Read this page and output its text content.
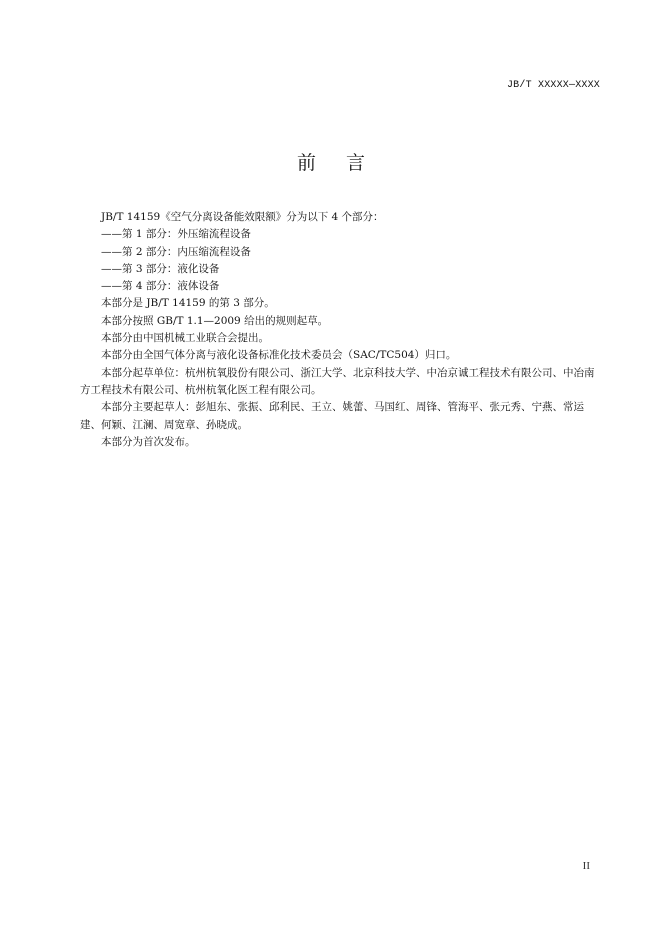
JB/T XXXXX—XXXX
前言

JB/T 14159《空气分离设备能效限额》分为以下 4 个部分：

——第 1 部分：外压缩流程设备

——第 2 部分：内压缩流程设备

——第 3 部分：液化设备

——第 4 部分：液体设备

本部分是 JB/T 14159 的第 3 部分。

本部分按照 GB/T 1.1—2009 给出的规则起草。

本部分由中国机械工业联合会提出。

本部分由全国气体分离与液化设备标准化技术委员会（SAC/TC504）归口。

本部分起草单位：杭州杭氧股份有限公司、浙江大学、北京科技大学、中冶京诚工程技术有限公司、中冶南方工程技术有限公司、杭州杭氧化医工程有限公司。

本部分主要起草人：彭旭东、张振、邱利民、王立、姚蕾、马国红、周锋、管海平、张元秀、宁燕、常运建、何颖、江澜、周宽章、孙晓成。

本部分为首次发布。

II
